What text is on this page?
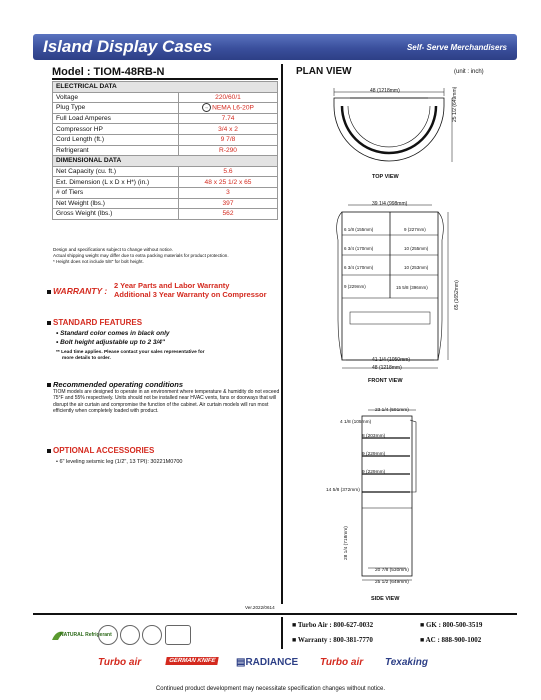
Island Display Cases	Self- Serve Merchandisers
Model : TIOM-48RB-N
ELECTRICAL DATA	
Voltage	220/60/1
Plug Type	◦◦ NEMA L6-20P
Full Load Amperes	7.74
Compressor HP	3/4 x 2
Cord Length (ft.)	9 7/8
Refrigerant	R-290
DIMENSIONAL DATA	
Net Capacity (cu. ft.)	5.6
Ext. Dimension (L x D x H*) (in.)	48 x 25 1/2 x 65
# of Tiers	3
Net Weight (lbs.)	397
Gross Weight (lbs.)	562
Design and specifications subject to change without notice.
Actual shipping weight may differ due to extra packing materials for product protection.
* Height does not include 5/8" for bolt height.
WARRANTY :
2 Year Parts and Labor Warranty
Additional 3 Year Warranty on Compressor
STANDARD FEATURES
• Standard color comes in black only
• Bolt height adjustable up to 2 3/4"
** Lead time applies. Please contact your sales representative for
more details to order.
Recommended operating conditions
TIOM models are designed to operate in an environment where temperature & humidity do not exceed 75°F and 55% respectively. Units should not be installed near HVAC vents, fans or doorways that will disrupt the air curtain and compromise the function of the cabinet. Air curtain models will run most efficiently when completely loaded with product.
OPTIONAL ACCESSORIES
• 6" leveling seismic leg (1/2", 13 TPI): 30221M0700
PLAN VIEW	(unit : inch)
48 (1218mm)	25 1/2 (649mm)
TOP VIEW
39 1/4 (998mm)
6 1/8 (155mm)
6 3/4 (170mm)
6 3/4 (170mm)
9 (229mm)
9 (227mm)
10 (255mm)
10 (253mm)
15 5/8 (396mm)	65 (1652mm)
41 1/4 (1050mm)
48 (1218mm)
FRONT VIEW
23 1/4 (591mm)
4 1/8 (105mm)
8 (203mm)
9 (229mm)
9 (229mm)
14 5/8 (372mm)
28 1/4 (718mm)
20 7/8 (530mm)
25 1/2 (649mm)
SIDE VIEW
Ver.2022/0614
NATURAL Refrigerant
■ Turbo Air : 800-627-0032	■ GK : 800-500-3519
■ Warranty : 800-381-7770	■ AC : 888-900-1002
Turbo air	GERMAN KNIFE	▤RADIANCE Turbo air Texaking
Continued product development may necessitate specification changes without notice.
